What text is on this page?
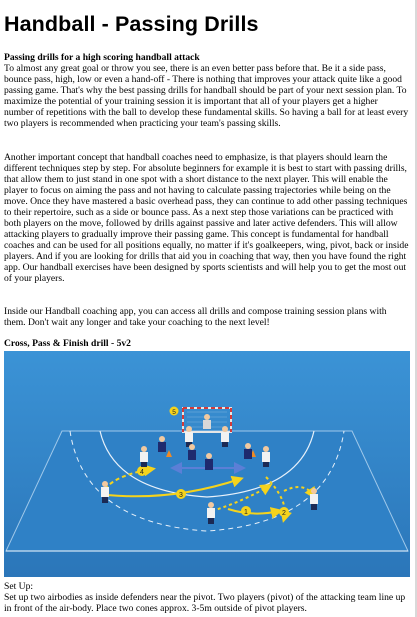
Handball - Passing Drills

Passing drills for a high scoring handball attack
To almost any great goal or throw you see, there is an even better pass before that. Be it a side pass, bounce pass, high, low or even a hand-off - There is nothing that improves your attack quite like a good passing game. That's why the best passing drills for handball should be part of your next session plan. To maximize the potential of your training session it is important that all of your players get a higher number of repetitions with the ball to develop these fundamental skills. So having a ball for at least every two players is recommended when practicing your team's passing skills.

Another important concept that handball coaches need to emphasize, is that players should learn the different techniques step by step. For absolute beginners for example it is best to start with passing drills, that allow them to just stand in one spot with a short distance to the next player. This will enable the player to focus on aiming the pass and not having to calculate passing trajectories while being on the move. Once they have mastered a basic overhead pass, they can continue to add other passing techniques to their repertoire, such as a side or bounce pass. As a next step those variations can be practiced with both players on the move, followed by drills against passive and later active defenders. This will allow attacking players to gradually improve their passing game. This concept is fundamental for handball coaches and can be used for all positions equally, no matter if it's goalkeepers, wing, pivot, back or inside players. And if you are looking for drills that aid you in coaching that way, then you have found the right app. Our handball exercises have been designed by sports scientists and will help you to get the most out of your players.

Inside our Handball coaching app, you can access all drills and compose training session plans with them. Don't wait any longer and take your coaching to the next level!

Cross, Pass & Finish drill - 5v2

4
3
1	2
5

Set Up:

Set up two airbodies as inside defenders near the pivot. Two players (pivot) of the attacking team line up in front of the air-body. Place two cones approx. 3-5m outside of pivot players.
